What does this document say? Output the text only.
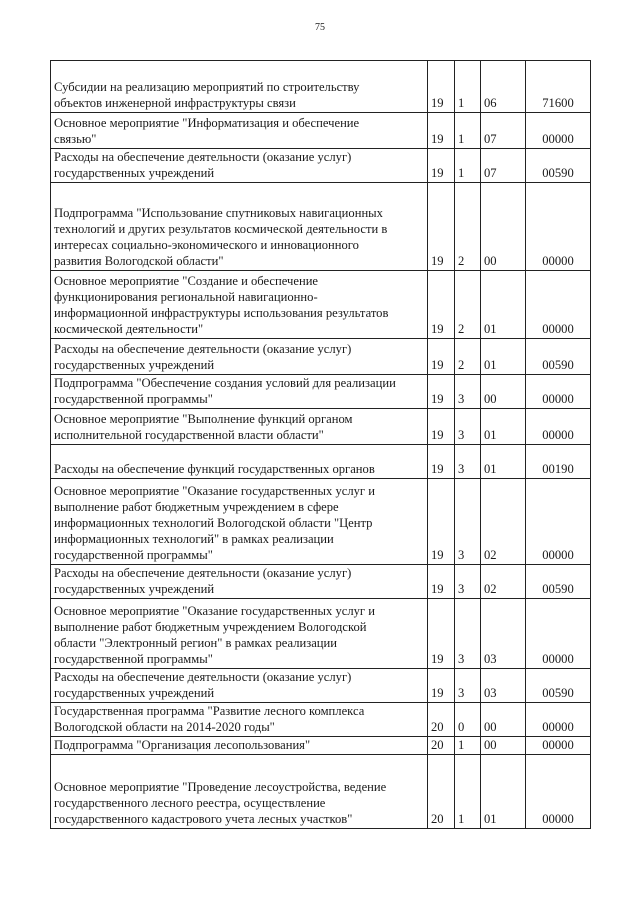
75
Субсидии на реализацию мероприятий по строительству
объектов инженерной инфраструктуры связи	19	1	06	71600
Основное мероприятие "Информатизация и обеспечение
связью"	19	1	07	00000
Расходы на обеспечение деятельности (оказание услуг)
государственных учреждений	19	1	07	00590
Подпрограмма "Использование спутниковых навигационных
технологий и других результатов космической деятельности в
интересах социально-экономического и инновационного
развития Вологодской области"	19	2	00	00000
Основное мероприятие "Создание и обеспечение
функционирования региональной навигационно-
информационной инфраструктуры использования результатов
космической деятельности"	19	2	01	00000
Расходы на обеспечение деятельности (оказание услуг)
государственных учреждений	19	2	01	00590
Подпрограмма "Обеспечение создания условий для реализации
государственной программы"	19	3	00	00000
Основное мероприятие "Выполнение функций органом
исполнительной государственной власти области"	19	3	01	00000
Расходы на обеспечение функций государственных органов	19	3	01	00190
Основное мероприятие "Оказание государственных услуг и
выполнение работ бюджетным учреждением в сфере
информационных технологий Вологодской области "Центр
информационных технологий" в рамках реализации
государственной программы"	19	3	02	00000
Расходы на обеспечение деятельности (оказание услуг)
государственных учреждений	19	3	02	00590
Основное мероприятие "Оказание государственных услуг и
выполнение работ бюджетным учреждением Вологодской
области "Электронный регион" в рамках реализации
государственной программы"	19	3	03	00000
Расходы на обеспечение деятельности (оказание услуг)
государственных учреждений	19	3	03	00590
Государственная программа "Развитие лесного комплекса
Вологодской области на 2014-2020 годы"	20	0	00	00000
Подпрограмма "Организация лесопользования"	20	1	00	00000
Основное мероприятие "Проведение лесоустройства, ведение
государственного лесного реестра, осуществление
государственного кадастрового учета лесных участков"	20	1	01	00000
